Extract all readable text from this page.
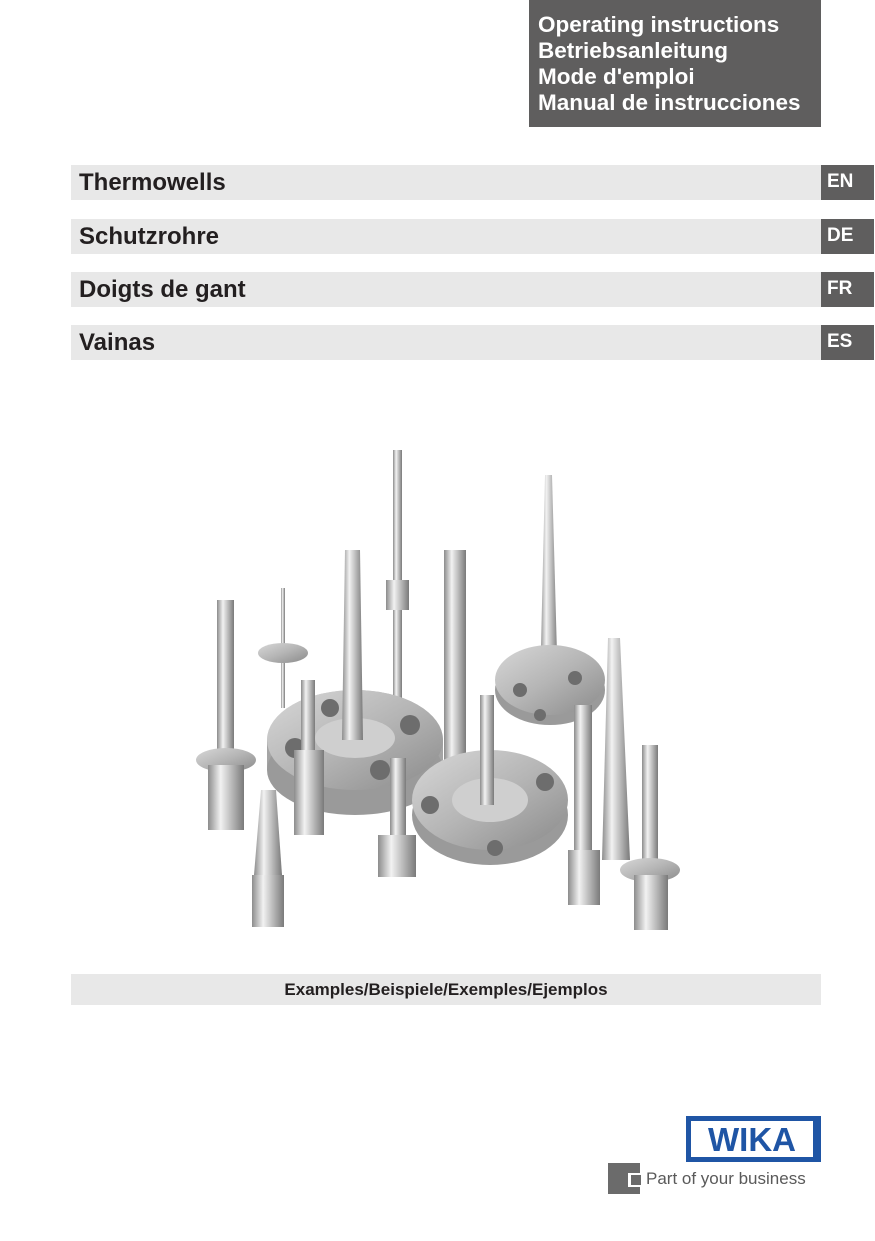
Operating instructions
Betriebsanleitung
Mode d'emploi
Manual de instrucciones
Thermowells	EN
Schutzrohre	DE
Doigts de gant	FR
Vainas	ES
Examples/Beispiele/Exemples/Ejemplos
WIKA
Part of your business
